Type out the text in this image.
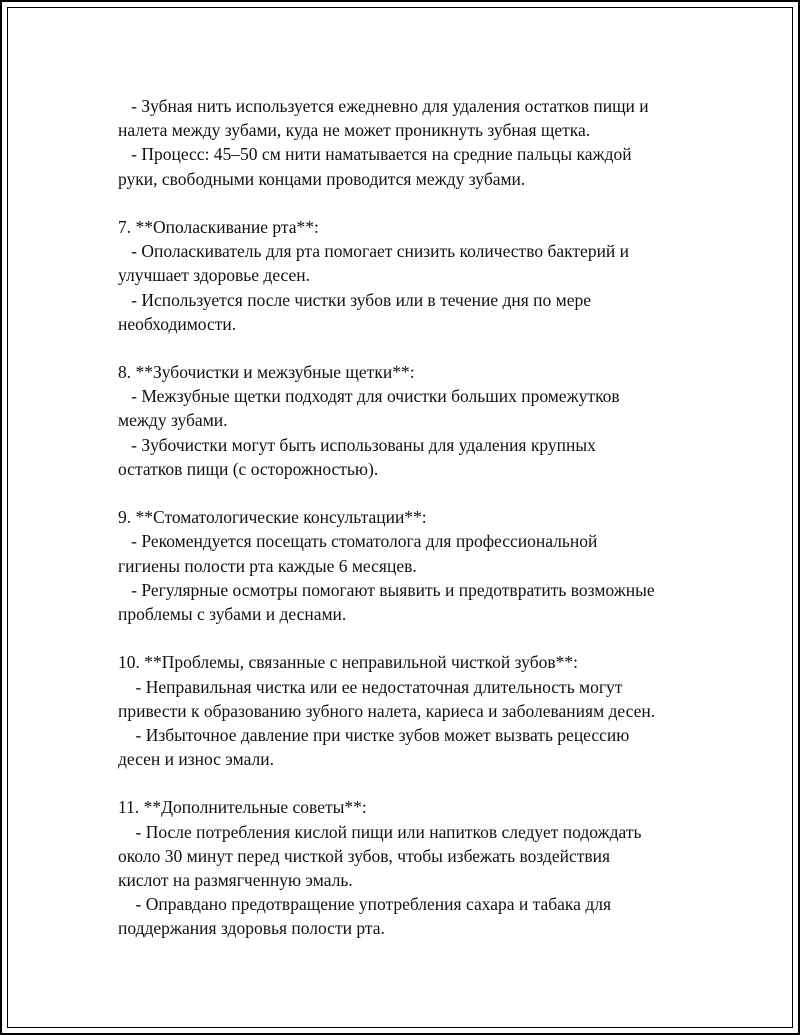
- Зубная нить используется ежедневно для удаления остатков пищи и
налета между зубами, куда не может проникнуть зубная щетка.
- Процесс: 45–50 см нити наматывается на средние пальцы каждой
руки, свободными концами проводится между зубами.
7. **Ополаскивание рта**:
- Ополаскиватель для рта помогает снизить количество бактерий и
улучшает здоровье десен.
- Используется после чистки зубов или в течение дня по мере
необходимости.
8. **Зубочистки и межзубные щетки**:
- Межзубные щетки подходят для очистки больших промежутков
между зубами.
- Зубочистки могут быть использованы для удаления крупных
остатков пищи (с осторожностью).
9. **Стоматологические консультации**:
- Рекомендуется посещать стоматолога для профессиональной
гигиены полости рта каждые 6 месяцев.
- Регулярные осмотры помогают выявить и предотвратить возможные
проблемы с зубами и деснами.
10. **Проблемы, связанные с неправильной чисткой зубов**:
- Неправильная чистка или ее недостаточная длительность могут
привести к образованию зубного налета, кариеса и заболеваниям десен.
- Избыточное давление при чистке зубов может вызвать рецессию
десен и износ эмали.
11. **Дополнительные советы**:
- После потребления кислой пищи или напитков следует подождать
около 30 минут перед чисткой зубов, чтобы избежать воздействия
кислот на размягченную эмаль.
- Оправдано предотвращение употребления сахара и табака для
поддержания здоровья полости рта.
